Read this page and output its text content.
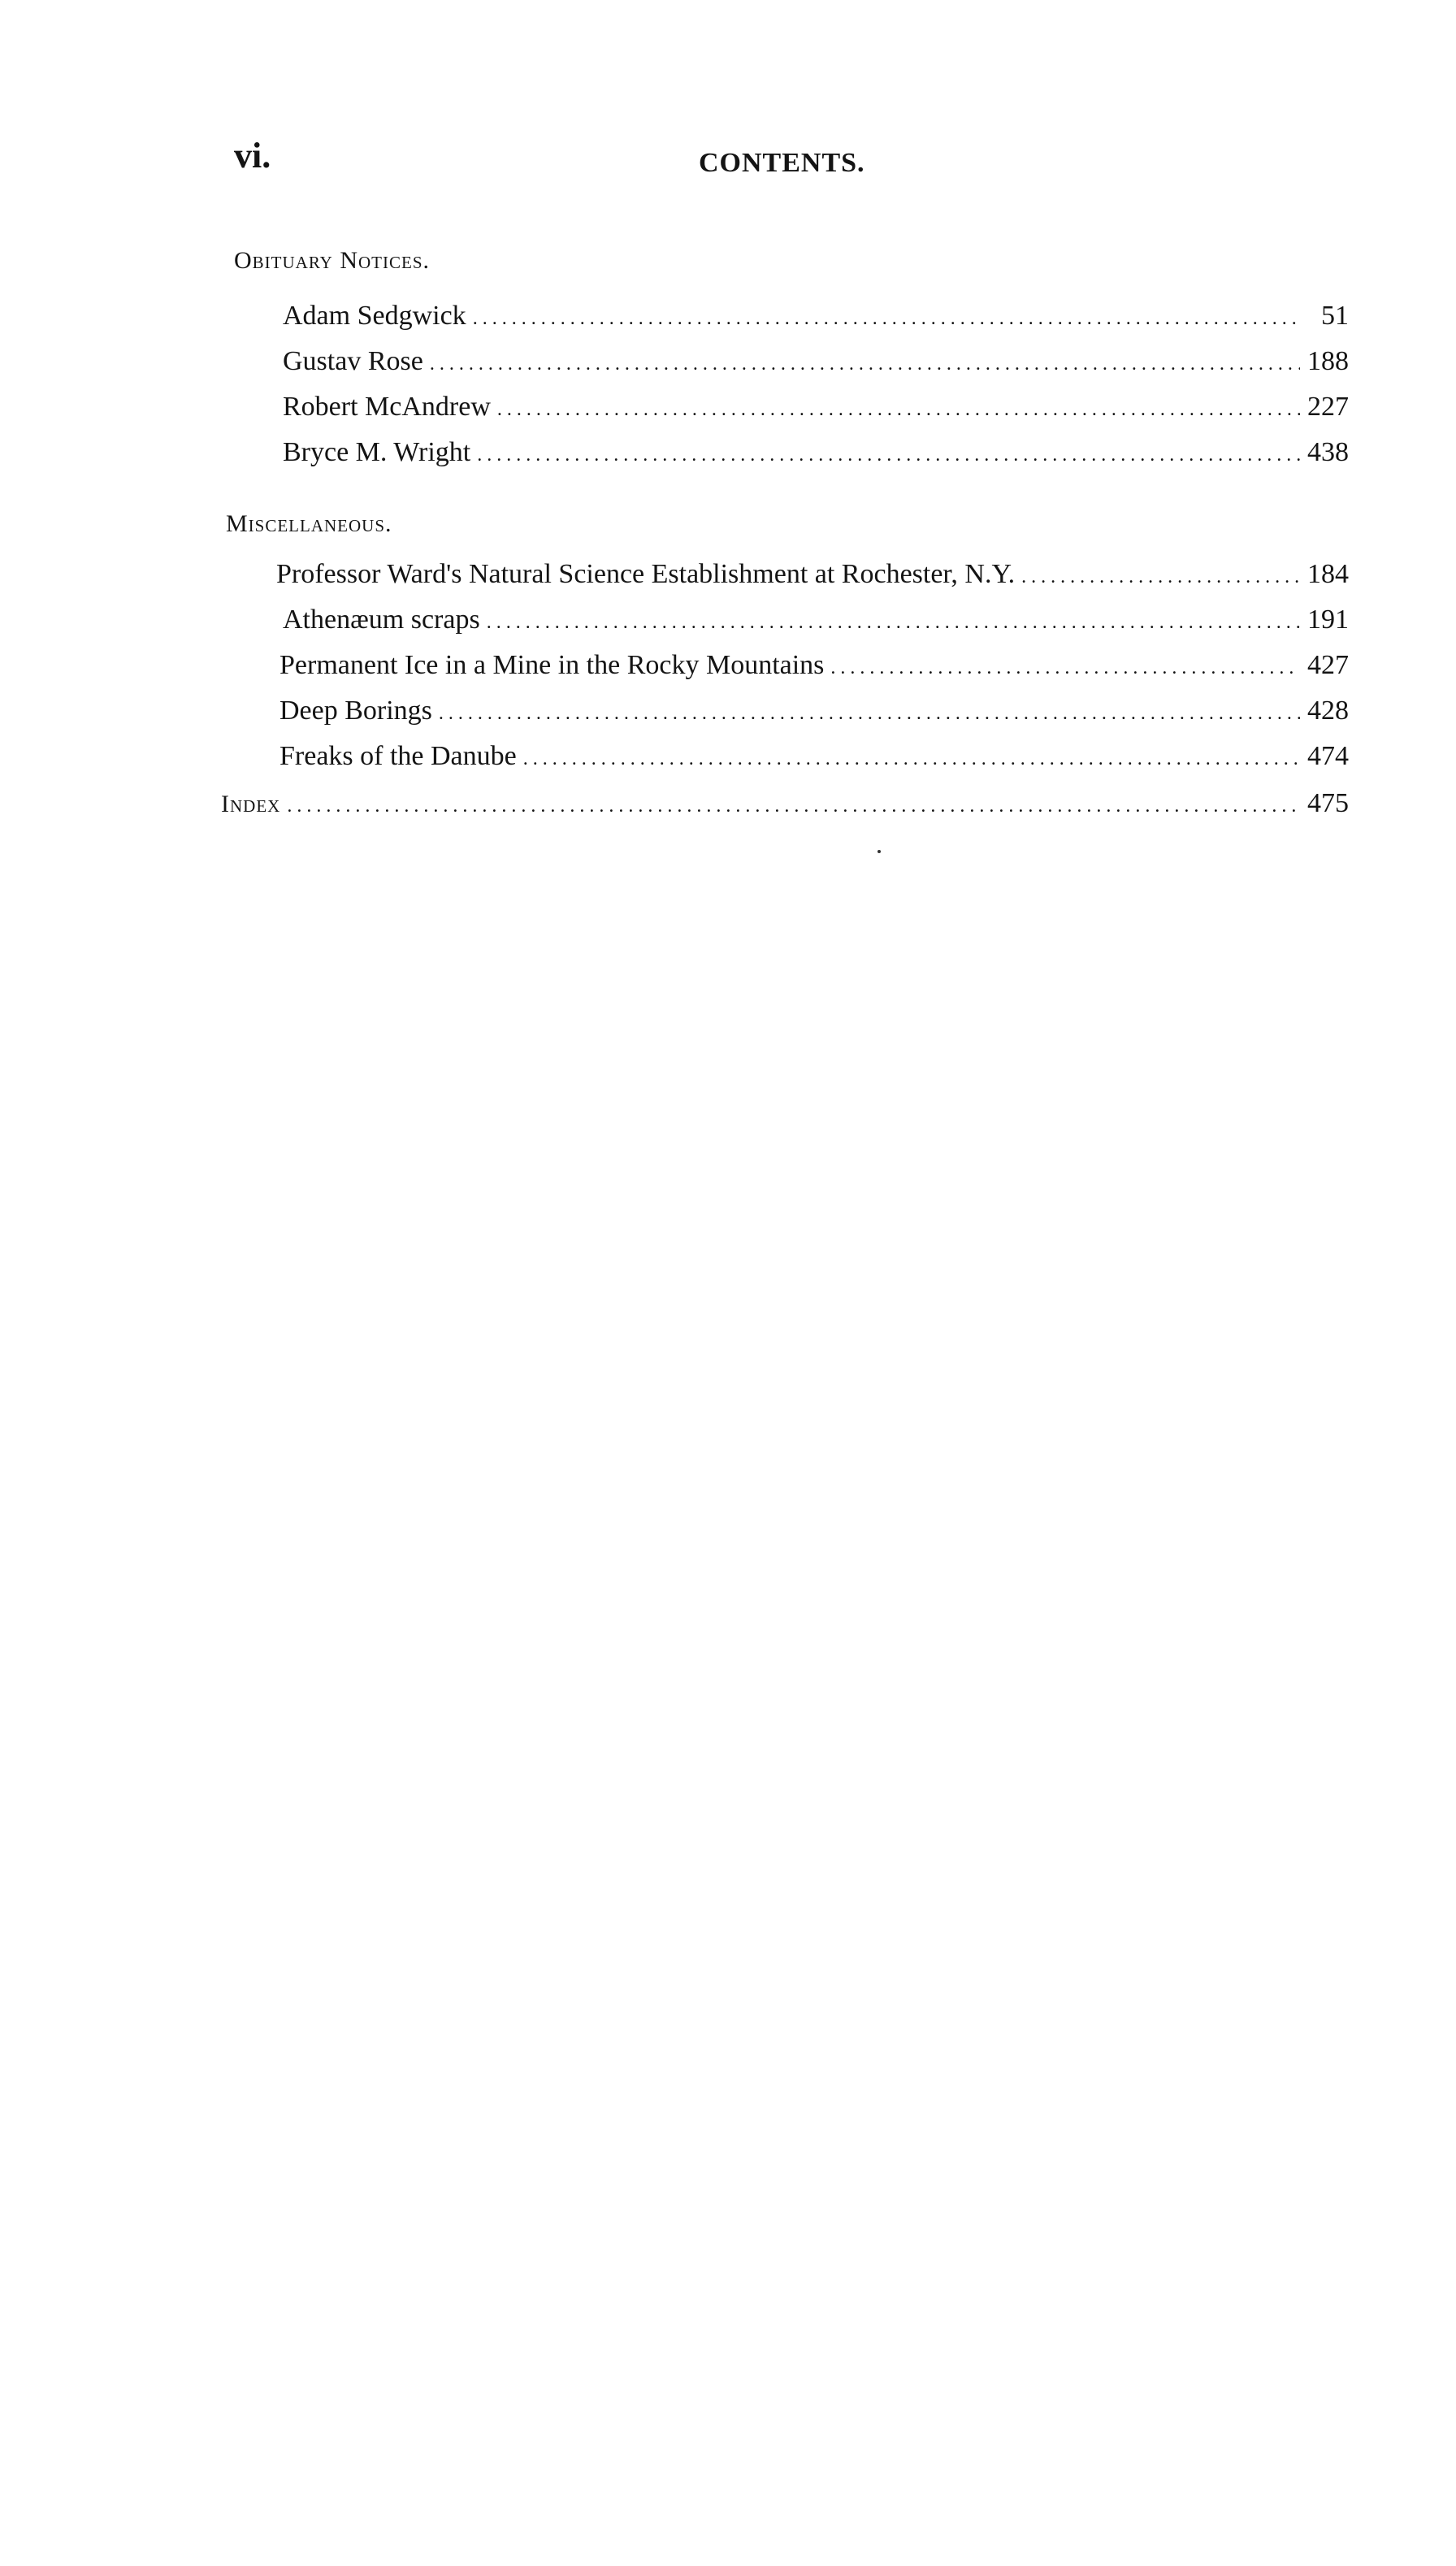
vi.	CONTENTS.
Obituary Notices.
Adam Sedgwick .....	51
Gustav Rose .....	188
Robert McAndrew .....	227
Bryce M. Wright .....	438
Miscellaneous.
Professor Ward's Natural Science Establishment at Rochester, N.Y. .....	184
Athenæum scraps .....	191
Permanent Ice in a Mine in the Rocky Mountains .....	427
Deep Borings .....	428
Freaks of the Danube .....	474
Index .....	475
